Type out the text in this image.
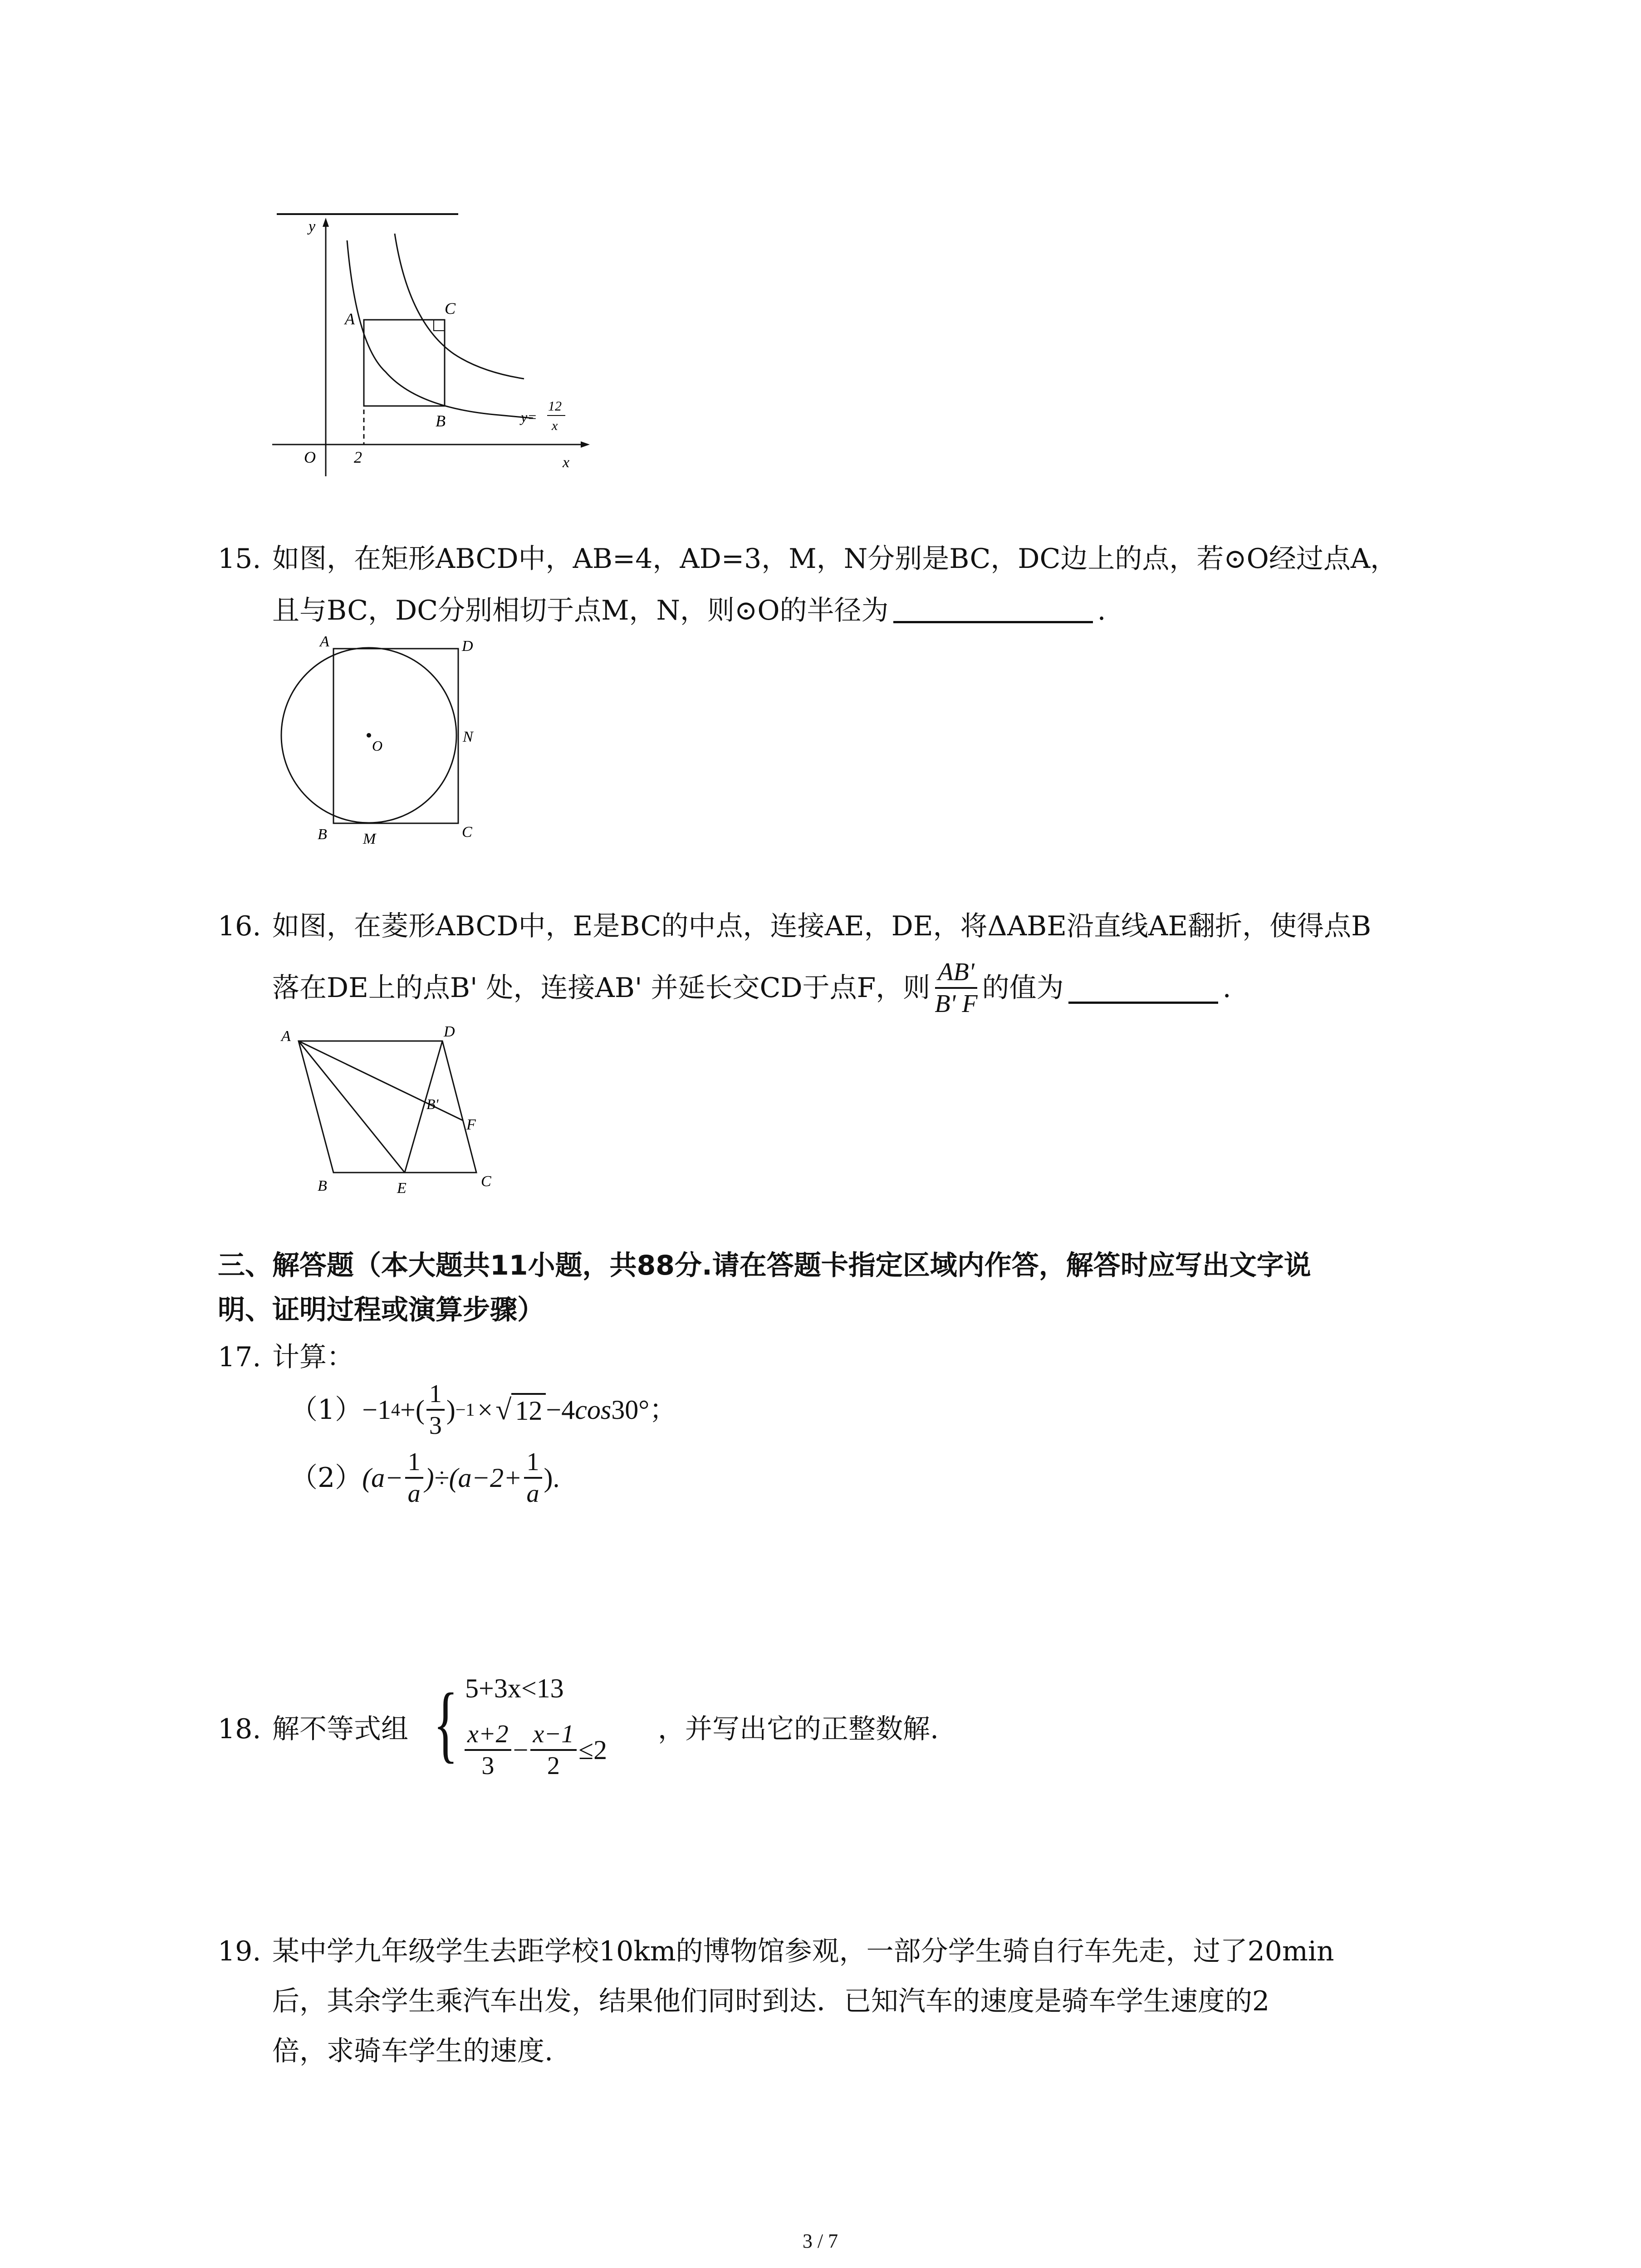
y
x
O 2
A
C
B	y=
12
x
15. 如图，在矩形ABCD中，AB=4，AD=3，M，N分别是BC，DC边上的点，若⊙O经过点A，
且与BC，DC分别相切于点M，N，则⊙O的半径为	.
A	D
N
O
B M	C
16. 如图，在菱形ABCD中，E是BC的中点，连接AE，DE，将ΔABE沿直线AE翻折，使得点B
落在DE上的点B' 处，连接AB' 并延长交CD于点F，则 $\frac{AB'}{B' F}$ 的值为	.
A	D
B'
F
B	E	C
三、解答题（本大题共11小题，共88分.请在答题卡指定区域内作答，解答时应写出文字说
明、证明过程或演算步骤）
17. 计算：
（1） −1 4 +( $\frac{1}{3}$ ) −1 × √ 12 −4 cos 30°；
（2） $(a- \frac{1}{a} )\div(a-2+ \frac{1}{a}$ ).
18. 解不等式组 { 5+3x<13
$\frac{x+2}{3} - \frac{x-1}{2} \le 2$
，并写出它的正整数解.
19. 某中学九年级学生去距学校10km的博物馆参观，一部分学生骑自行车先走，过了20min
后，其余学生乘汽车出发，结果他们同时到达．已知汽车的速度是骑车学生速度的2
倍，求骑车学生的速度.
3 / 7
